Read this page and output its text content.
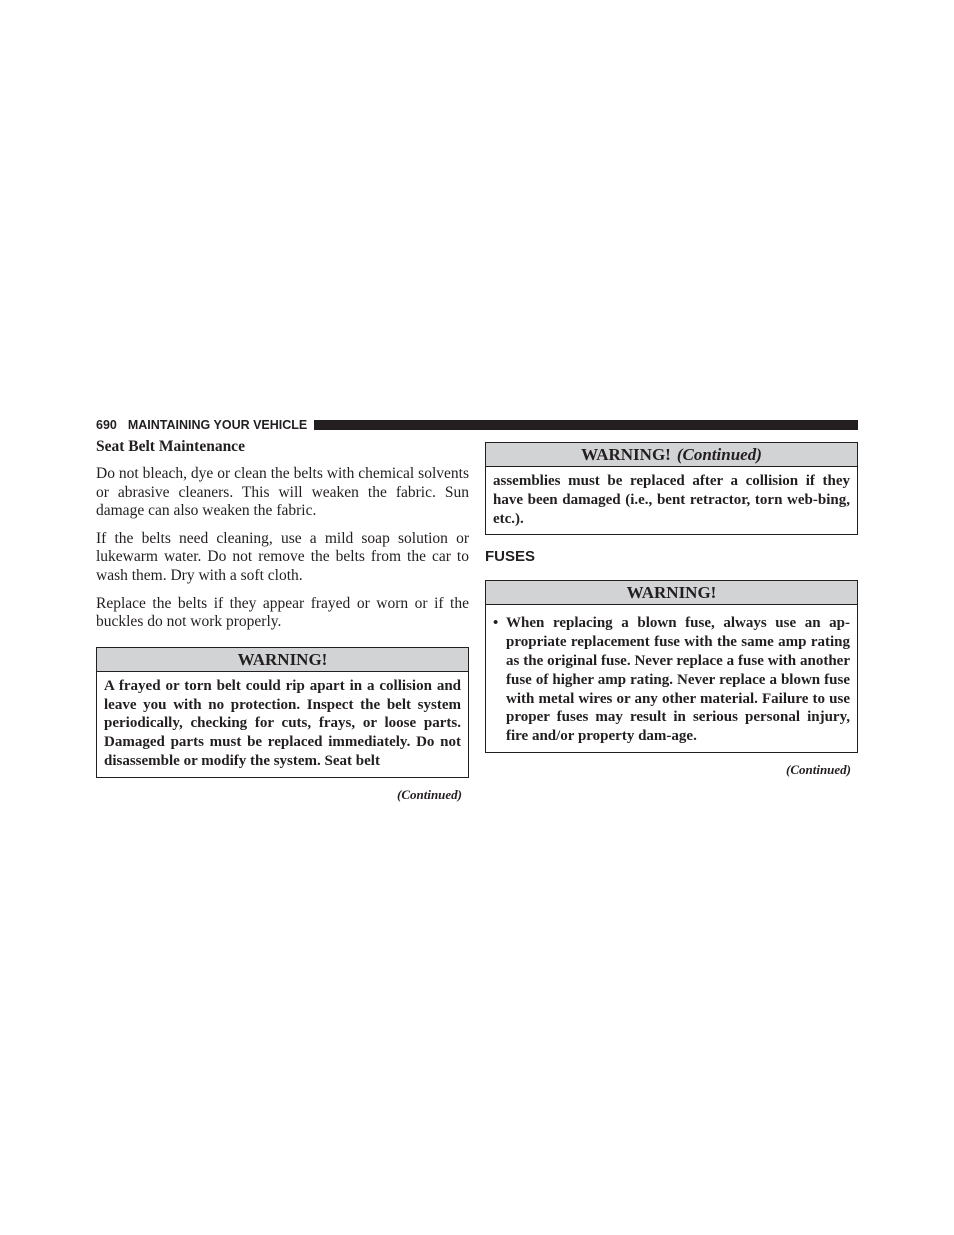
690 MAINTAINING YOUR VEHICLE
Seat Belt Maintenance

Do not bleach, dye or clean the belts with chemical solvents or abrasive cleaners. This will weaken the fabric. Sun damage can also weaken the fabric.

If the belts need cleaning, use a mild soap solution or lukewarm water. Do not remove the belts from the car to wash them. Dry with a soft cloth.

Replace the belts if they appear frayed or worn or if the buckles do not work properly.

WARNING!
A frayed or torn belt could rip apart in a collision and leave you with no protection. Inspect the belt system periodically, checking for cuts, frays, or loose parts. Damaged parts must be replaced immediately. Do not disassemble or modify the system. Seat belt
(Continued)
WARNING! (Continued)
assemblies must be replaced after a collision if they have been damaged (i.e., bent retractor, torn web-bing, etc.).
FUSES
WARNING!
• When replacing a blown fuse, always use an ap-propriate replacement fuse with the same amp rating as the original fuse. Never replace a fuse with another fuse of higher amp rating. Never replace a blown fuse with metal wires or any other material. Failure to use proper fuses may result in serious personal injury, fire and/or property dam-age.
(Continued)
